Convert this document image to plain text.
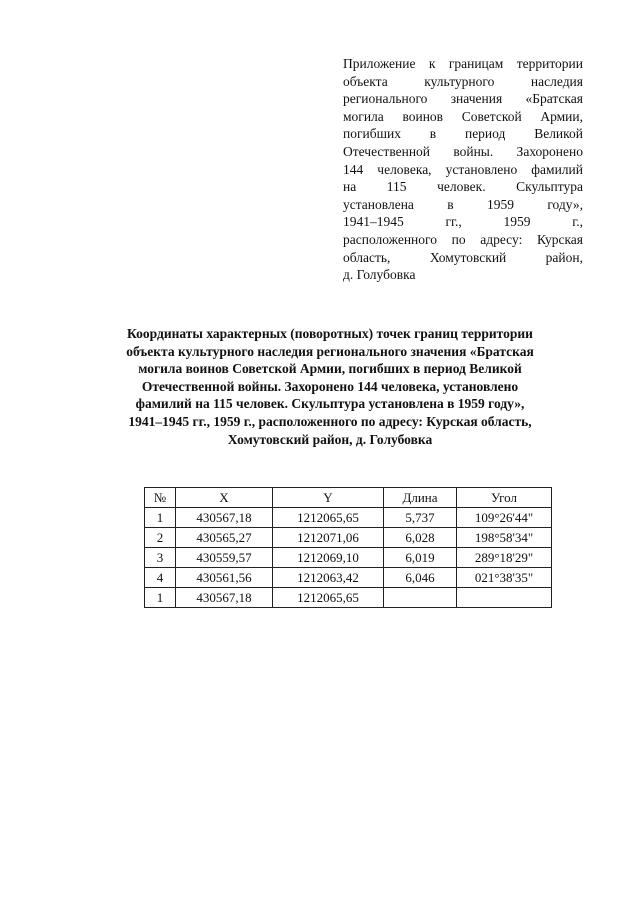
Приложение к границам территории
объекта культурного наследия
регионального значения «Братская
могила воинов Советской Армии,
погибших в период Великой
Отечественной войны. Захоронено
144 человека, установлено фамилий
на 115 человек. Скульптура
установлена в 1959 году»,
1941–1945 гг., 1959 г.,
расположенного по адресу: Курская
область, Хомутовский район,
д. Голубовка
Координаты характерных (поворотных) точек границ территории
объекта культурного наследия регионального значения «Братская
могила воинов Советской Армии, погибших в период Великой
Отечественной войны. Захоронено 144 человека, установлено
фамилий на 115 человек. Скульптура установлена в 1959 году»,
1941–1945 гг., 1959 г., расположенного по адресу: Курская область,
Хомутовский район, д. Голубовка
№	X	Y	Длина	Угол
1	430567,18	1212065,65	5,737	109°26'44"
2	430565,27	1212071,06	6,028	198°58'34"
3	430559,57	1212069,10	6,019	289°18'29"
4	430561,56	1212063,42	6,046	021°38'35"
1	430567,18	1212065,65		
